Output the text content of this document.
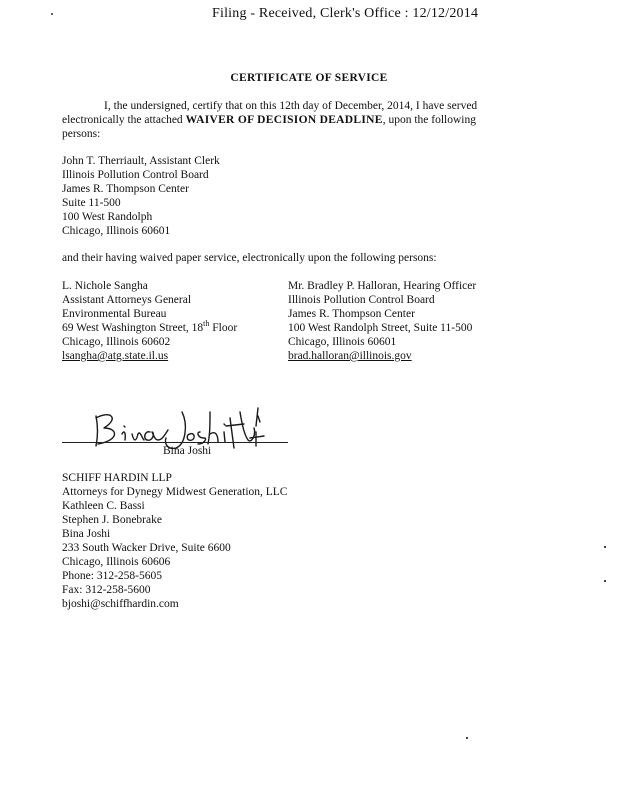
Filing - Received, Clerk's Office : 12/12/2014
CERTIFICATE OF SERVICE
I, the undersigned, certify that on this 12th day of December, 2014, I have served electronically the attached WAIVER OF DECISION DEADLINE, upon the following persons:
John T. Therriault, Assistant Clerk
Illinois Pollution Control Board
James R. Thompson Center
Suite 11-500
100 West Randolph
Chicago, Illinois 60601
and their having waived paper service, electronically upon the following persons:
L. Nichole Sangha
Assistant Attorneys General
Environmental Bureau
69 West Washington Street, 18th Floor
Chicago, Illinois 60602
lsangha@atg.state.il.us
Mr. Bradley P. Halloran, Hearing Officer
Illinois Pollution Control Board
James R. Thompson Center
100 West Randolph Street, Suite 11-500
Chicago, Illinois 60601
brad.halloran@illinois.gov
Bina Joshi
SCHIFF HARDIN LLP
Attorneys for Dynegy Midwest Generation, LLC
Kathleen C. Bassi
Stephen J. Bonebrake
Bina Joshi
233 South Wacker Drive, Suite 6600
Chicago, Illinois 60606
Phone: 312-258-5605
Fax: 312-258-5600
bjoshi@schiffhardin.com
